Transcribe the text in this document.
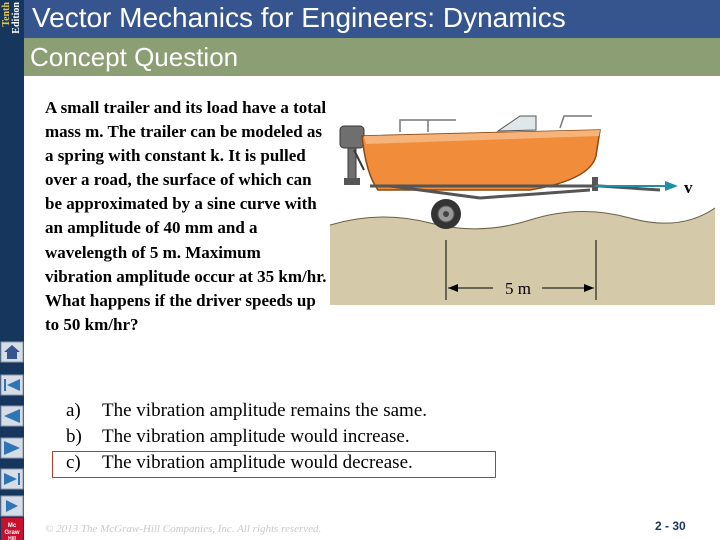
Tenth Edition
Mc
Graw
Hill
Vector Mechanics for Engineers: Dynamics
Concept Question

A small trailer and its load have a total mass m. The trailer can be modeled as a spring with constant k. It is pulled over a road, the surface of which can be approximated by a sine curve with an amplitude of 40 mm and a wavelength of 5 m. Maximum vibration amplitude occur at 35 km/hr. What happens if the driver speeds up to 50 km/hr?

v
5 m
a) The vibration amplitude remains the same.
b) The vibration amplitude would increase.
c) The vibration amplitude would decrease.
© 2013 The McGraw-Hill Companies, Inc. All rights reserved.	2 - 30
